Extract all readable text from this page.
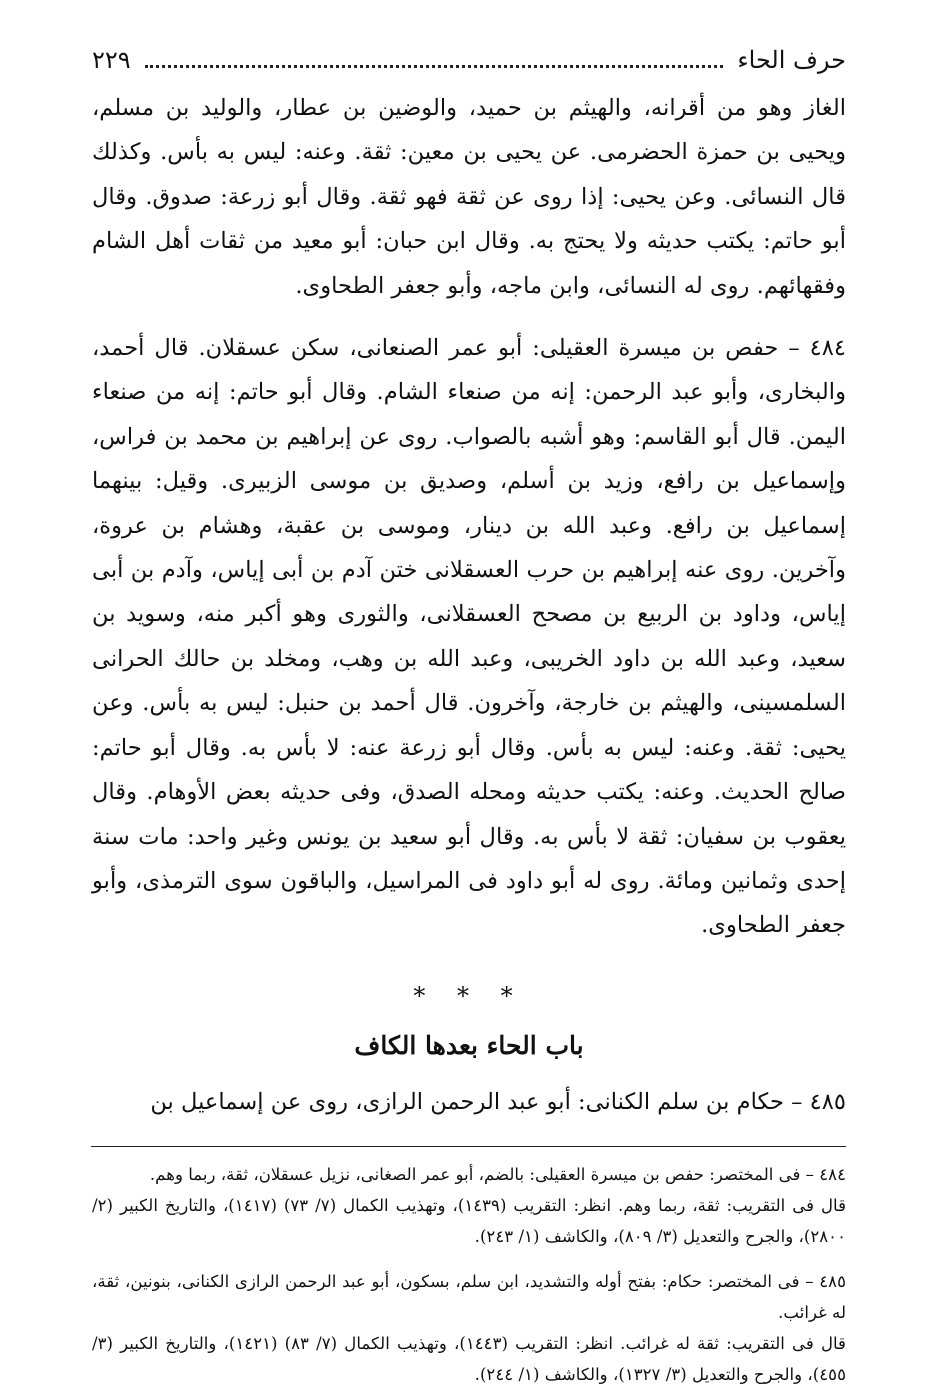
حرف الحاء
٢٢٩

الغاز وهو من أقرانه، والهيثم بن حميد، والوضين بن عطار، والوليد بن مسلم، ويحيى بن حمزة الحضرمى. عن يحيى بن معين: ثقة. وعنه: ليس به بأس. وكذلك قال النسائى. وعن يحيى: إذا روى عن ثقة فهو ثقة. وقال أبو زرعة: صدوق. وقال أبو حاتم: يكتب حديثه ولا يحتج به. وقال ابن حبان: أبو معيد من ثقات أهل الشام وفقهائهم. روى له النسائى، وابن ماجه، وأبو جعفر الطحاوى.

٤٨٤ – حفص بن ميسرة العقيلى: أبو عمر الصنعانى، سكن عسقلان. قال أحمد، والبخارى، وأبو عبد الرحمن: إنه من صنعاء الشام. وقال أبو حاتم: إنه من صنعاء اليمن. قال أبو القاسم: وهو أشبه بالصواب. روى عن إبراهيم بن محمد بن فراس، وإسماعيل بن رافع، وزيد بن أسلم، وصديق بن موسى الزبيرى. وقيل: بينهما إسماعيل بن رافع. وعبد الله بن دينار، وموسى بن عقبة، وهشام بن عروة، وآخرين. روى عنه إبراهيم بن حرب العسقلانى ختن آدم بن أبى إياس، وآدم بن أبى إياس، وداود بن الربيع بن مصحح العسقلانى، والثورى وهو أكبر منه، وسويد بن سعيد، وعبد الله بن داود الخريبى، وعبد الله بن وهب، ومخلد بن حالك الحرانى السلمسينى، والهيثم بن خارجة، وآخرون. قال أحمد بن حنبل: ليس به بأس. وعن يحيى: ثقة. وعنه: ليس به بأس. وقال أبو زرعة عنه: لا بأس به. وقال أبو حاتم: صالح الحديث. وعنه: يكتب حديثه ومحله الصدق، وفى حديثه بعض الأوهام. وقال يعقوب بن سفيان: ثقة لا بأس به. وقال أبو سعيد بن يونس وغير واحد: مات سنة إحدى وثمانين ومائة. روى له أبو داود فى المراسيل، والباقون سوى الترمذى، وأبو جعفر الطحاوى.

* * *
باب الحاء بعدها الكاف

٤٨٥ – حكام بن سلم الكنانى: أبو عبد الرحمن الرازى، روى عن إسماعيل بن

٤٨٤ – فى المختصر: حفص بن ميسرة العقيلى: بالضم، أبو عمر الصغانى، نزيل عسقلان، ثقة، ربما وهم.

قال فى التقريب: ثقة، ربما وهم. انظر: التقريب (١٤٣٩)، وتهذيب الكمال (٧/ ٧٣) (١٤١٧)، والتاريخ الكبير (٢/ ٢٨٠٠)، والجرح والتعديل (٣/ ٨٠٩)، والكاشف (١/ ٢٤٣).

٤٨٥ – فى المختصر: حكام: بفتح أوله والتشديد، ابن سلم، بسكون، أبو عبد الرحمن الرازى الكنانى، بنونين، ثقة، له غرائب.

قال فى التقريب: ثقة له غرائب. انظر: التقريب (١٤٤٣)، وتهذيب الكمال (٧/ ٨٣) (١٤٢١)، والتاريخ الكبير (٣/ ٤٥٥)، والجرح والتعديل (٣/ ١٣٢٧)، والكاشف (١/ ٢٤٤).
